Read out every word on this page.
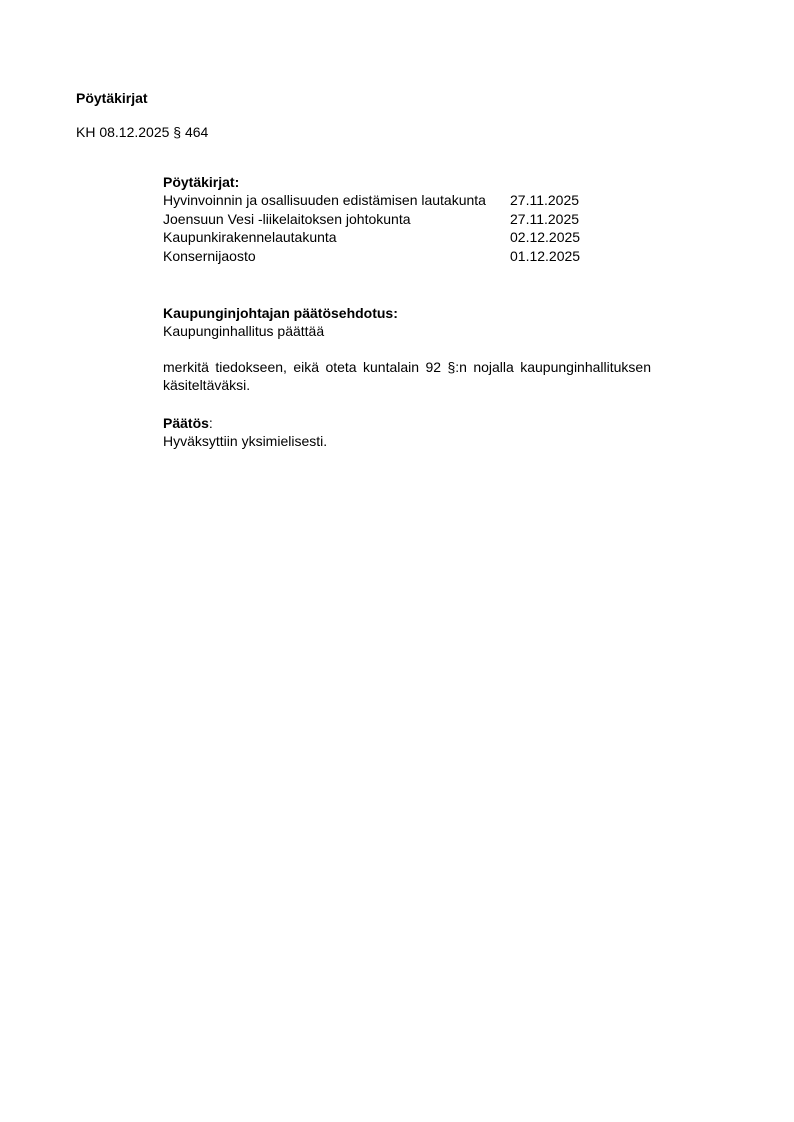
Pöytäkirjat
KH 08.12.2025 § 464
Pöytäkirjat:
Hyvinvoinnin ja osallisuuden edistämisen lautakunta	27.11.2025
Joensuun Vesi -liikelaitoksen johtokunta	27.11.2025
Kaupunkirakennelautakunta	02.12.2025
Konsernijaosto	01.12.2025
Kaupunginjohtajan päätösehdotus:

Kaupunginhallitus päättää

merkitä tiedokseen, eikä oteta kuntalain 92 §:n nojalla kaupunginhallituksen käsiteltäväksi.

Päätös:

Hyväksyttiin yksimielisesti.
